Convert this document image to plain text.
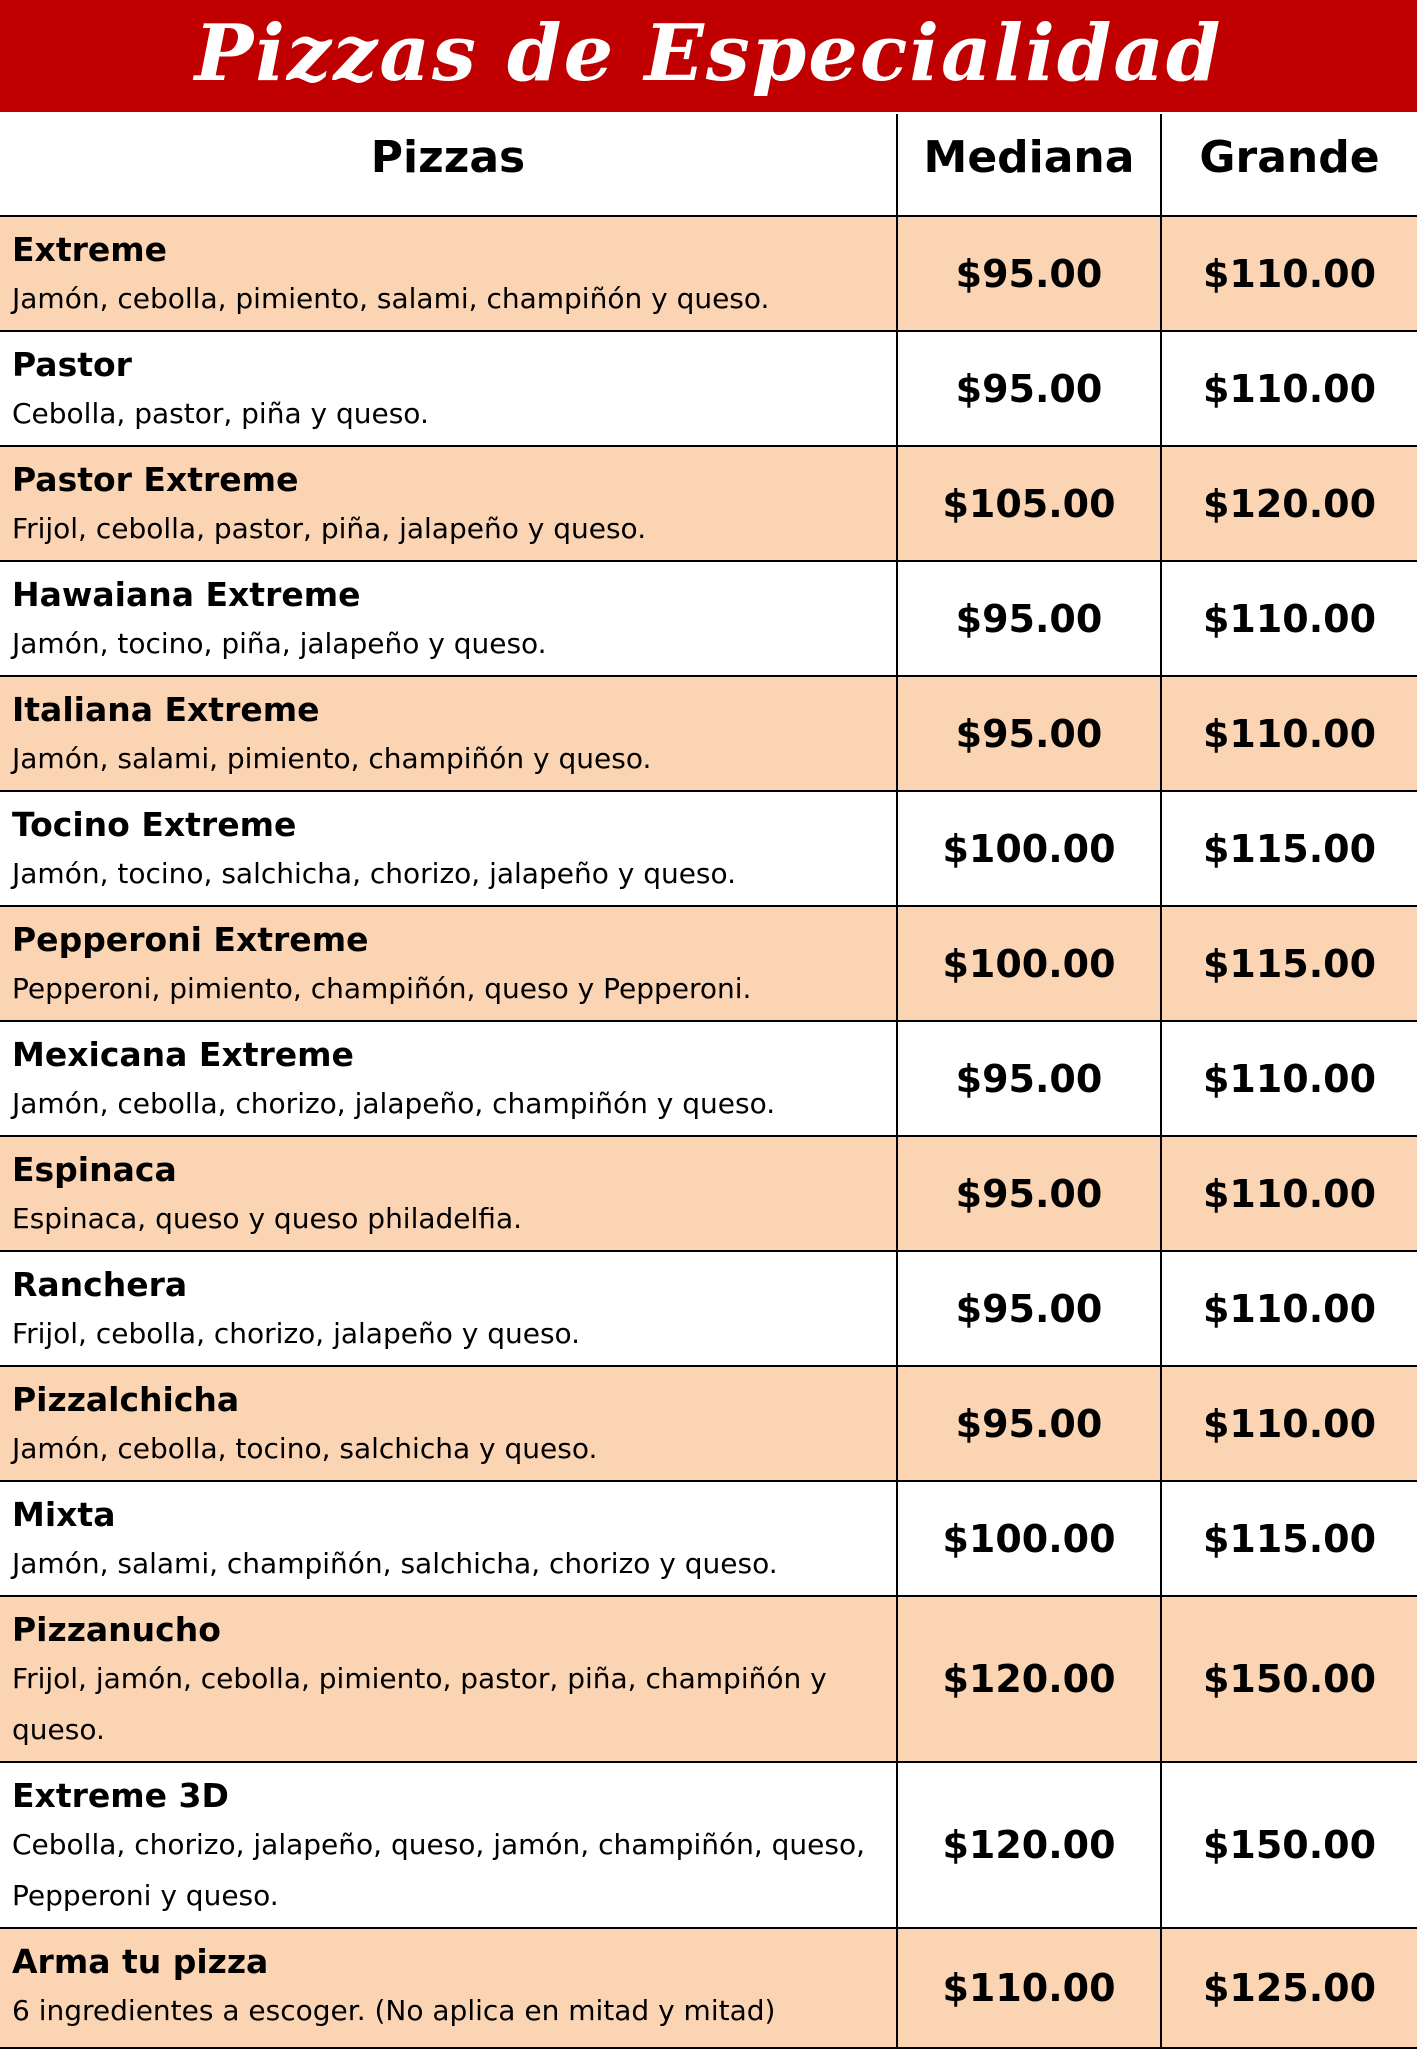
Pizzas de Especialidad
Pizzas	Mediana	Grande

Extreme
Jamón, cebolla, pimiento, salami, champiñón y queso.	$95.00	$110.00

Pastor
Cebolla, pastor, piña y queso.	$95.00	$110.00

Pastor Extreme
Frijol, cebolla, pastor, piña, jalapeño y queso.	$105.00	$120.00

Hawaiana Extreme
Jamón, tocino, piña, jalapeño y queso.	$95.00	$110.00

Italiana Extreme
Jamón, salami, pimiento, champiñón y queso.	$95.00	$110.00

Tocino Extreme
Jamón, tocino, salchicha, chorizo, jalapeño y queso.	$100.00	$115.00

Pepperoni Extreme
Pepperoni, pimiento, champiñón, queso y Pepperoni.	$100.00	$115.00

Mexicana Extreme
Jamón, cebolla, chorizo, jalapeño, champiñón y queso.	$95.00	$110.00

Espinaca
Espinaca, queso y queso philadelfia.	$95.00	$110.00

Ranchera
Frijol, cebolla, chorizo, jalapeño y queso.	$95.00	$110.00

Pizzalchicha
Jamón, cebolla, tocino, salchicha y queso.	$95.00	$110.00

Mixta
Jamón, salami, champiñón, salchicha, chorizo y queso.	$100.00	$115.00

Pizzanucho
Frijol, jamón, cebolla, pimiento, pastor, piña, champiñón y queso.	$120.00	$150.00

Extreme 3D
Cebolla, chorizo, jalapeño, queso, jamón, champiñón, queso, Pepperoni y queso.	$120.00	$150.00

Arma tu pizza
6 ingredientes a escoger. (No aplica en mitad y mitad)	$110.00	$125.00
